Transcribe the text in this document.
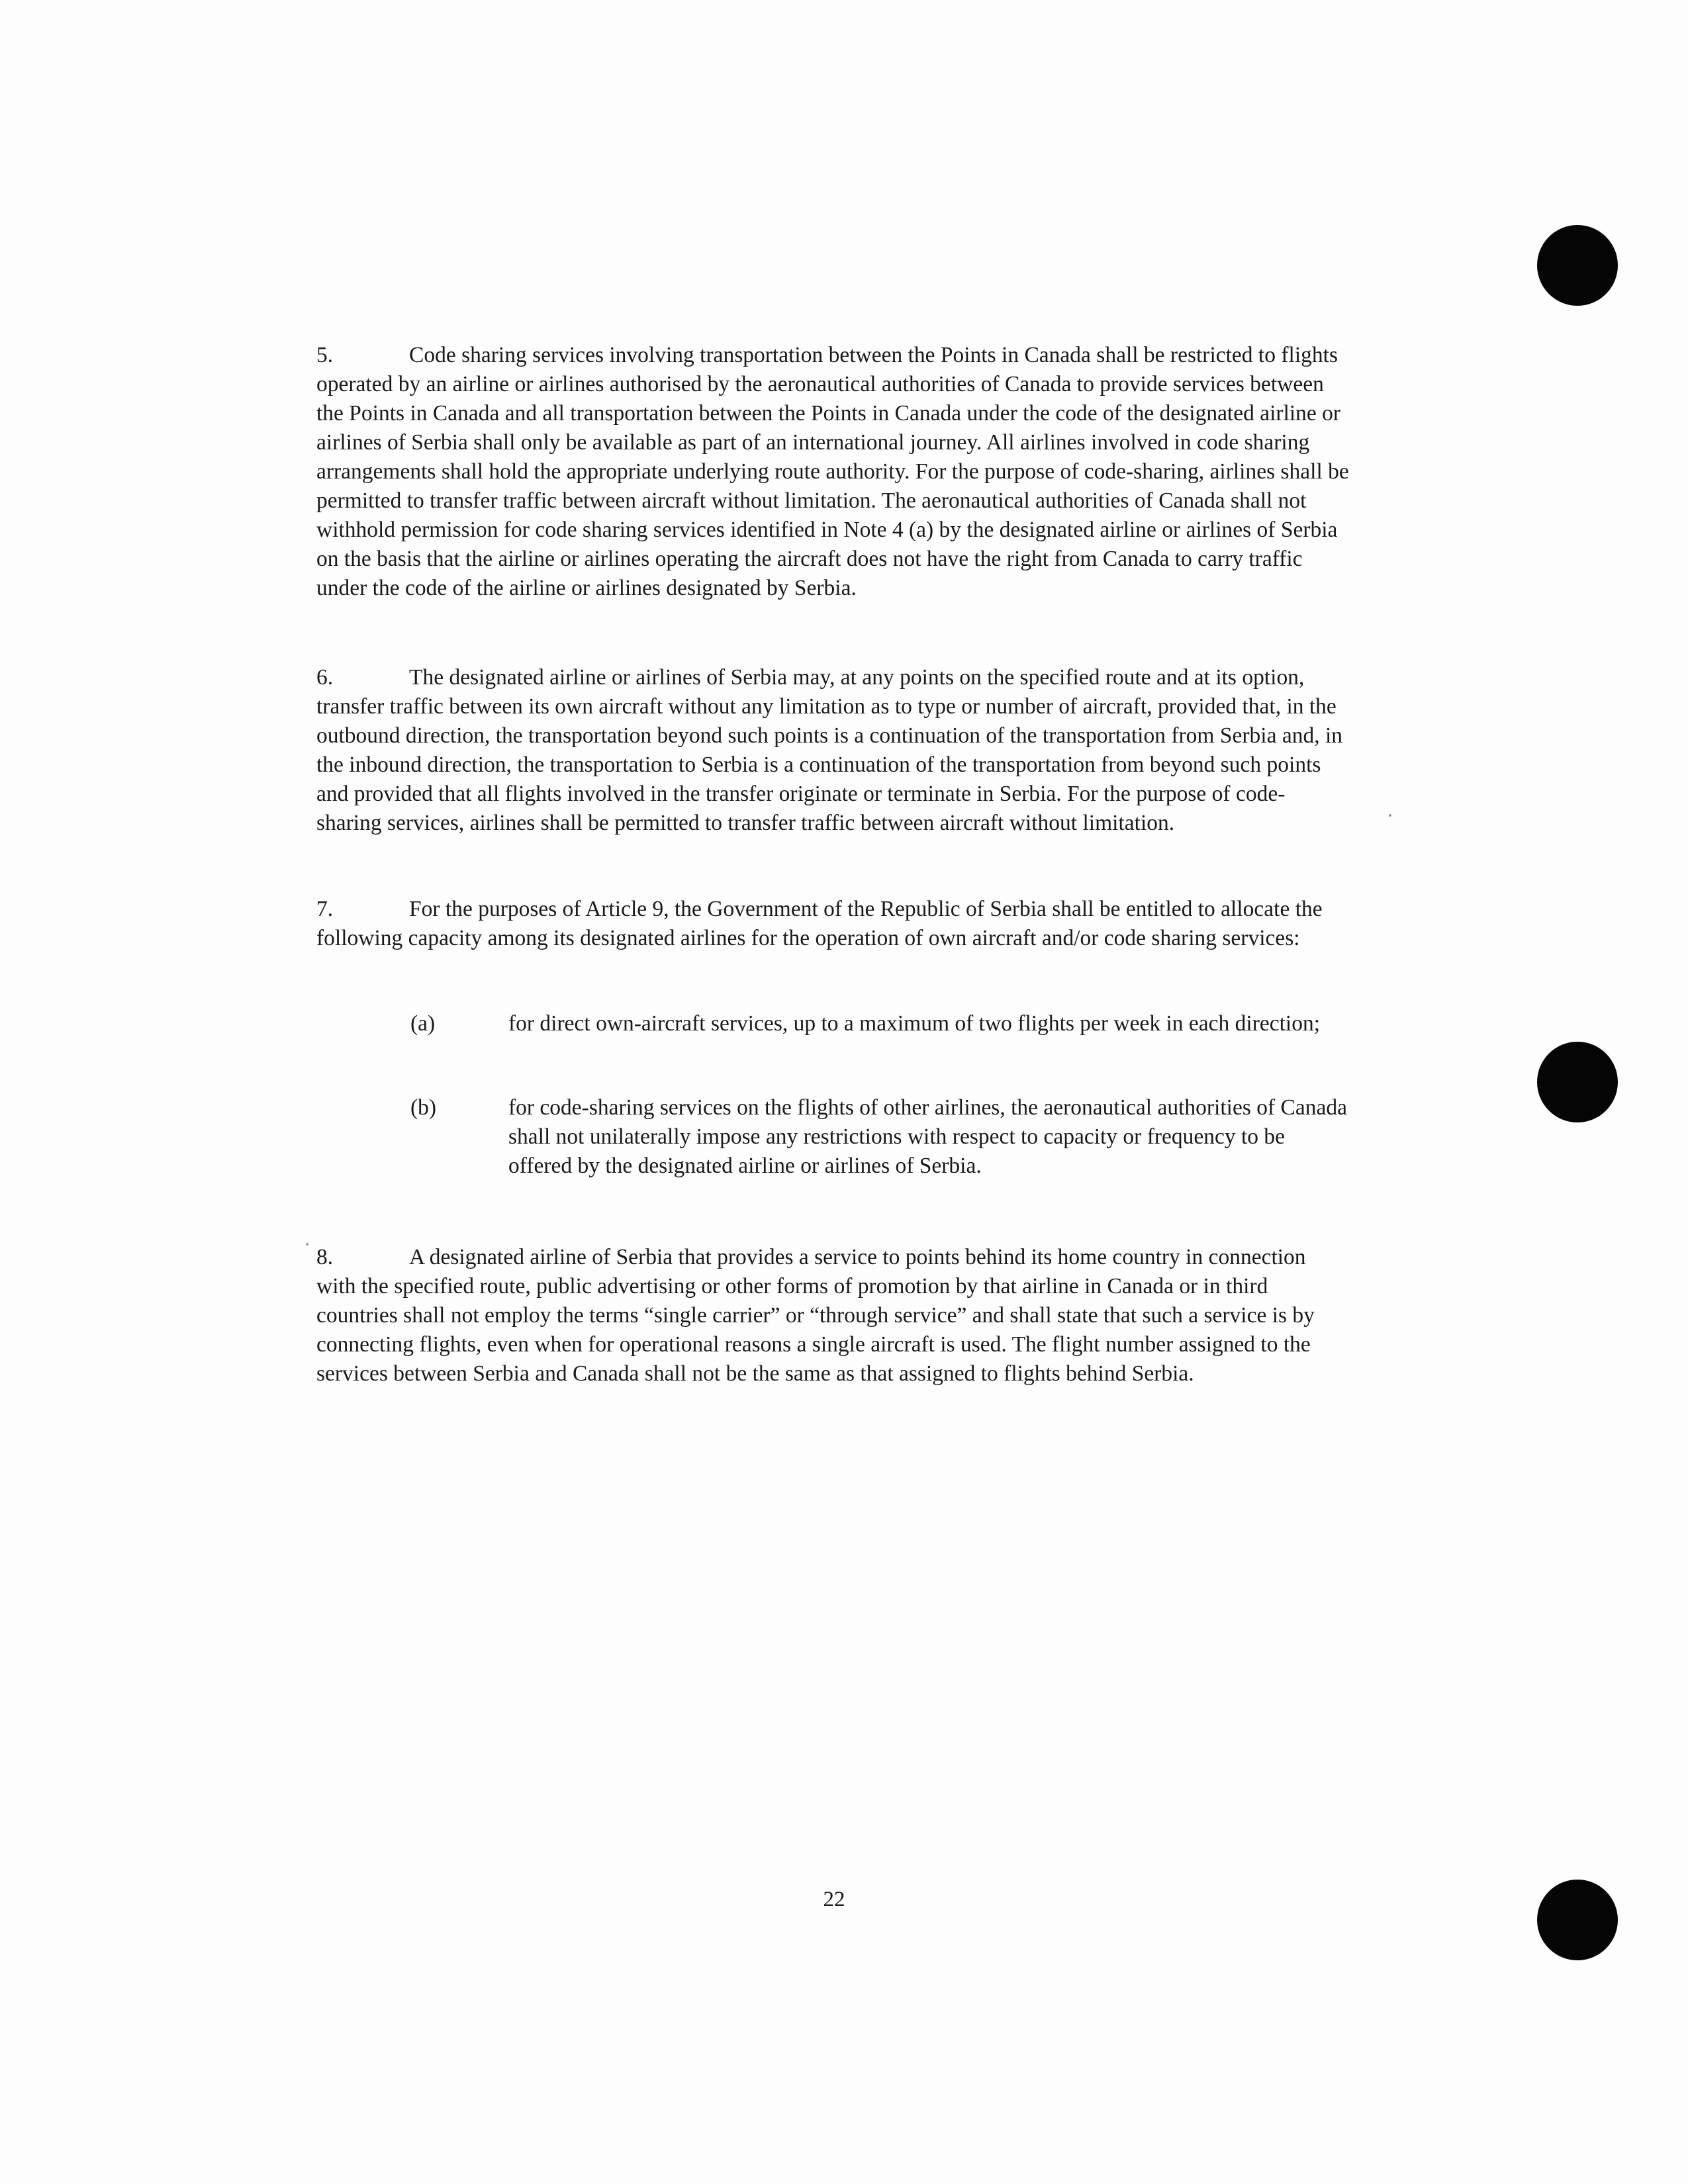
5.	Code sharing services involving transportation between the Points in Canada shall be restricted to flights operated by an airline or airlines authorised by the aeronautical authorities of Canada to provide services between the Points in Canada and all transportation between the Points in Canada under the code of the designated airline or airlines of Serbia shall only be available as part of an international journey. All airlines involved in code sharing arrangements shall hold the appropriate underlying route authority. For the purpose of code-sharing, airlines shall be permitted to transfer traffic between aircraft without limitation. The aeronautical authorities of Canada shall not withhold permission for code sharing services identified in Note 4 (a) by the designated airline or airlines of Serbia on the basis that the airline or airlines operating the aircraft does not have the right from Canada to carry traffic under the code of the airline or airlines designated by Serbia.

6.	The designated airline or airlines of Serbia may, at any points on the specified route and at its option, transfer traffic between its own aircraft without any limitation as to type or number of aircraft, provided that, in the outbound direction, the transportation beyond such points is a continuation of the transportation from Serbia and, in the inbound direction, the transportation to Serbia is a continuation of the transportation from beyond such points and provided that all flights involved in the transfer originate or terminate in Serbia. For the purpose of code-sharing services, airlines shall be permitted to transfer traffic between aircraft without limitation.

7.	For the purposes of Article 9, the Government of the Republic of Serbia shall be entitled to allocate the following capacity among its designated airlines for the operation of own aircraft and/or code sharing services:

(a)	for direct own-aircraft services, up to a maximum of two flights per week in each direction;
(b)	for code-sharing services on the flights of other airlines, the aeronautical authorities of Canada shall not unilaterally impose any restrictions with respect to capacity or frequency to be offered by the designated airline or airlines of Serbia.

8.	A designated airline of Serbia that provides a service to points behind its home country in connection with the specified route, public advertising or other forms of promotion by that airline in Canada or in third countries shall not employ the terms “single carrier” or “through service” and shall state that such a service is by connecting flights, even when for operational reasons a single aircraft is used. The flight number assigned to the services between Serbia and Canada shall not be the same as that assigned to flights behind Serbia.

22
